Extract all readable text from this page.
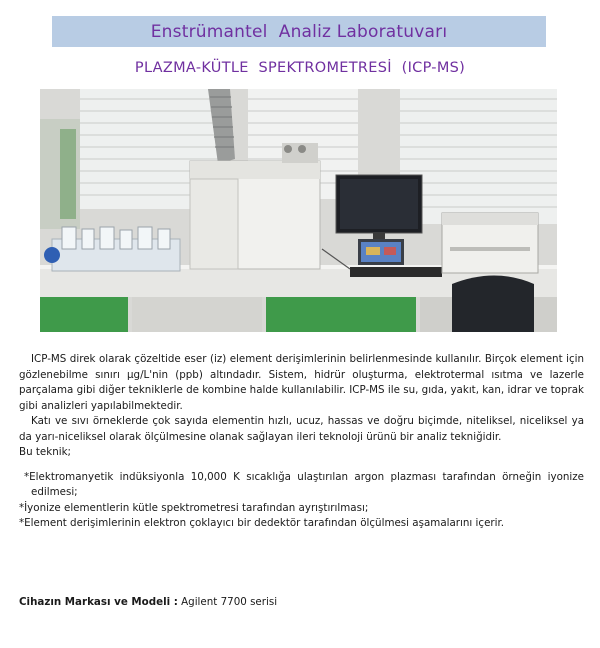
Enstrümantel  Analiz Laboratuvarı
PLAZMA-KÜTLE  SPEKTROMETRESİ  (ICP-MS)

ICP-MS direk olarak çözeltide eser (iz) element derişimlerinin belirlenmesinde kullanılır. Birçok element için gözlenebilme sınırı µg/L'nin (ppb) altındadır. Sistem, hidrür oluşturma, elektrotermal ısıtma ve lazerle parçalama gibi diğer tekniklerle de kombine halde kullanılabilir. ICP-MS ile su, gıda, yakıt, kan, idrar ve toprak gibi analizleri yapılabilmektedir.

Katı ve sıvı örneklerde çok sayıda elementin hızlı, ucuz, hassas ve doğru biçimde, niteliksel, niceliksel ya da yarı-niceliksel olarak ölçülmesine olanak sağlayan ileri teknoloji ürünü bir analiz tekniğidir.

Bu teknik;

*Elektromanyetik indüksiyonla 10,000 K sıcaklığa ulaştırılan argon plazması tarafından örneğin iyonize edilmesi;

*İyonize elementlerin kütle spektrometresi tarafından ayrıştırılması;

*Element derişimlerinin elektron çoklayıcı bir dedektör tarafından ölçülmesi aşamalarını içerir.

Cihazın Markası ve Modeli : Agilent 7700 serisi
